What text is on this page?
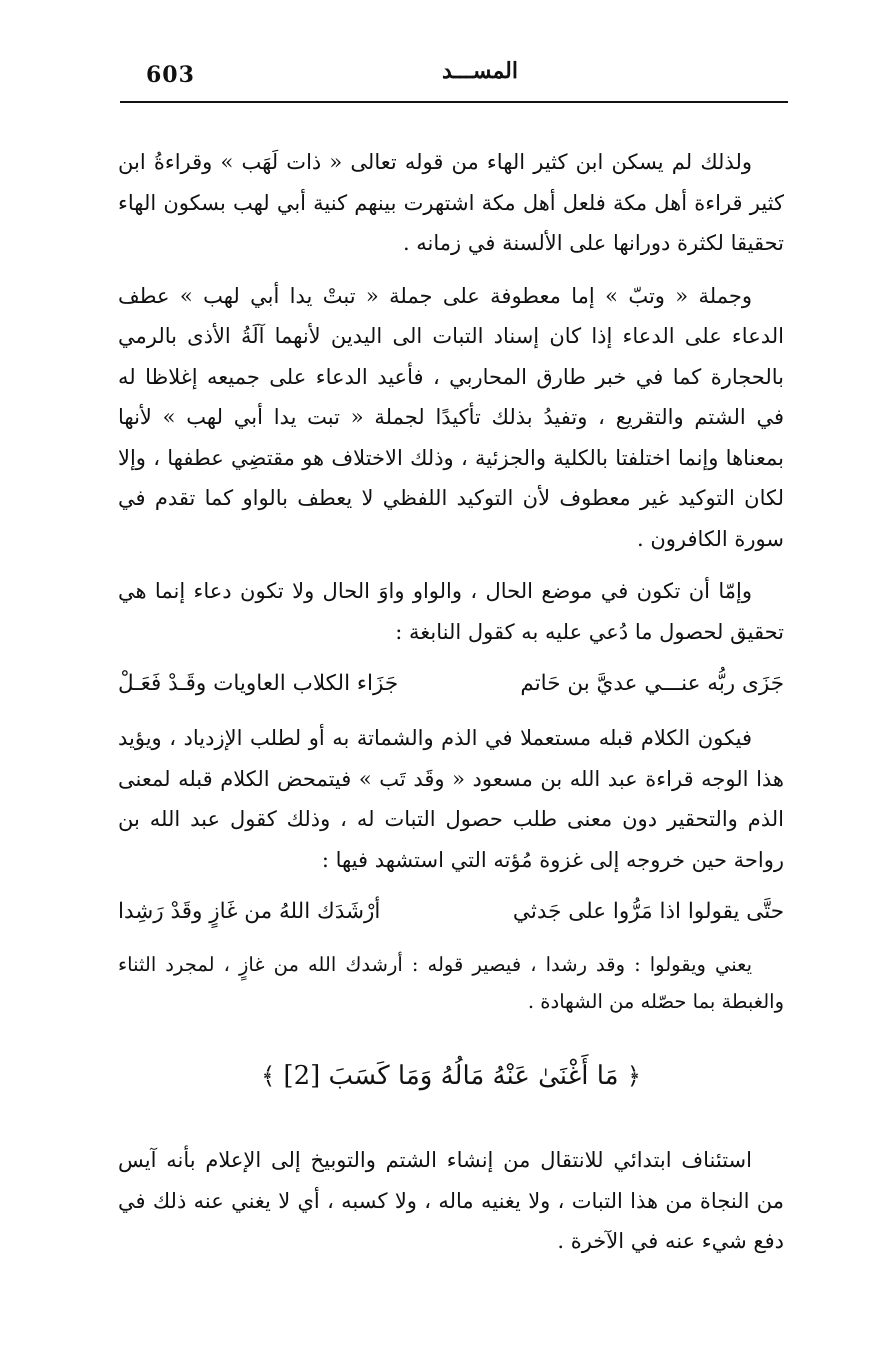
603	المســـد

ولذلك لم يسكن ابن كثير الهاء من قوله تعالى « ذات لَهَب » وقراءةُ ابن كثير قراءة أهل مكة فلعل أهل مكة اشتهرت بينهم كنية أبي لهب بسكون الهاء تحقيقا لكثرة دورانها على الألسنة في زمانه .

وجملة « وتبّ » إما معطوفة على جملة « تبتْ يدا أبي لهب » عطف الدعاء على الدعاء إذا كان إسناد التبات الى اليدين لأنهما آلَةُ الأذى بالرمي بالحجارة كما في خبر طارق المحاربي ، فأعيد الدعاء على جميعه إغلاظا له في الشتم والتقريع ، وتفيدُ بذلك تأكيدًا لجملة « تبت يدا أبي لهب » لأنها بمعناها وإنما اختلفتا بالكلية والجزئية ، وذلك الاختلاف هو مقتضِي عطفها ، وإلا لكان التوكيد غير معطوف لأن التوكيد اللفظي لا يعطف بالواو كما تقدم في سورة الكافرون .

وإمّا أن تكون في موضع الحال ، والواو واوَ الحال ولا تكون دعاء إنما هي تحقيق لحصول ما دُعي عليه به كقول النابغة :

جَزَى ربُّه عنـــي عديَّ بن حَاتم
جَزَاء الكلاب العاويات وقَـدْ فَعَـلْ

فيكون الكلام قبله مستعملا في الذم والشماتة به أو لطلب الإزدياد ، ويؤيد هذا الوجه قراءة عبد الله بن مسعود « وقَد تَب » فيتمحض الكلام قبله لمعنى الذم والتحقير دون معنى طلب حصول التبات له ، وذلك كقول عبد الله بن رواحة حين خروجه إلى غزوة مُؤته التي استشهد فيها :

حتَّى يقولوا اذا مَرُّوا على جَدثي
أرْشَدَك اللهُ من غَازٍ وقَدْ رَشِدا

يعني ويقولوا : وقد رشدا ، فيصير قوله : أرشدك الله من غازٍ ، لمجرد الثناء والغبطة بما حصّله من الشهادة .

﴿ مَا أَغْنَىٰ عَنْهُ مَالُهُ وَمَا كَسَبَ [2] ﴾

استئناف ابتدائي للانتقال من إنشاء الشتم والتوبيخ إلى الإعلام بأنه آيس من النجاة من هذا التبات ، ولا يغنيه ماله ، ولا كسبه ، أي لا يغني عنه ذلك في دفع شيء عنه في الآخرة .
